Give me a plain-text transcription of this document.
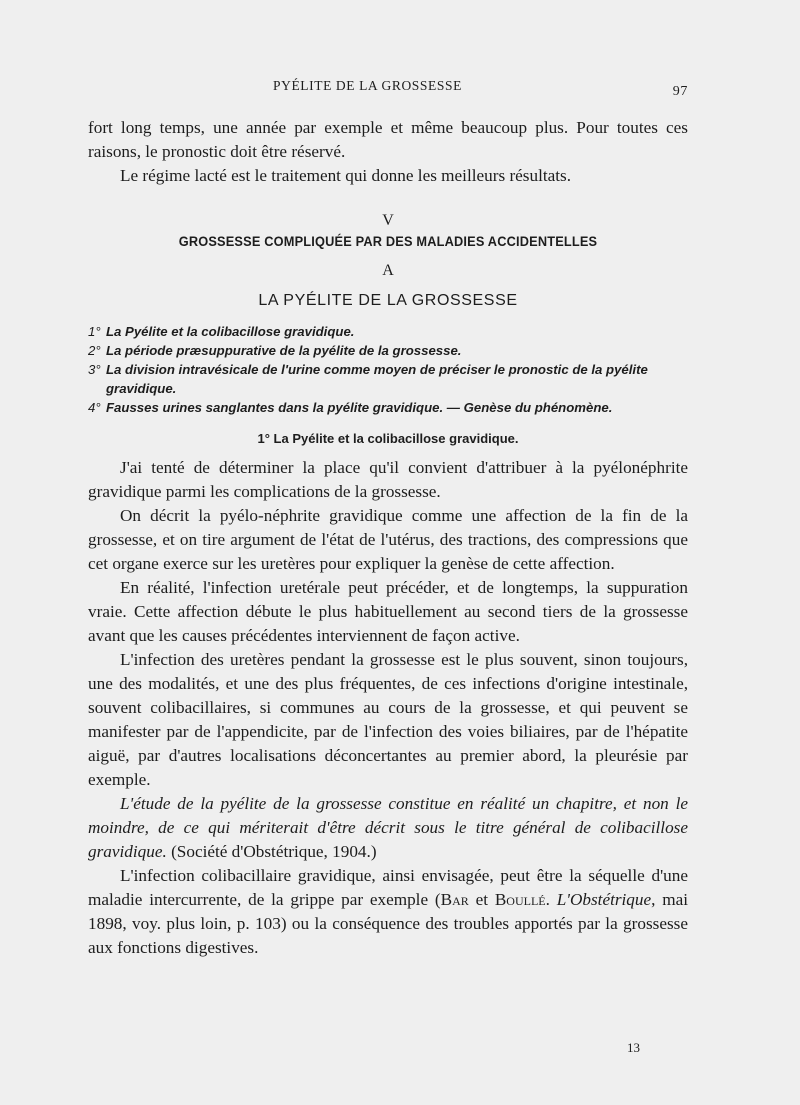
PYÉLITE DE LA GROSSESSE	97

fort long temps, une année par exemple et même beaucoup plus. Pour toutes ces raisons, le pronostic doit être réservé.

Le régime lacté est le traitement qui donne les meilleurs résultats.

V
GROSSESSE COMPLIQUÉE PAR DES MALADIES ACCIDENTELLES
A
LA PYÉLITE DE LA GROSSESSE
1° La Pyélite et la colibacillose gravidique.
2° La période præsuppurative de la pyélite de la grossesse.
3° La division intravésicale de l'urine comme moyen de préciser le pronostic de la pyélite gravidique.
4° Fausses urines sanglantes dans la pyélite gravidique. — Genèse du phénomène.
1° La Pyélite et la colibacillose gravidique.

J'ai tenté de déterminer la place qu'il convient d'attribuer à la pyélonéphrite gravidique parmi les complications de la grossesse.

On décrit la pyélo-néphrite gravidique comme une affection de la fin de la grossesse, et on tire argument de l'état de l'utérus, des tractions, des compressions que cet organe exerce sur les uretères pour expliquer la genèse de cette affection.

En réalité, l'infection uretérale peut précéder, et de longtemps, la suppuration vraie. Cette affection débute le plus habituellement au second tiers de la grossesse avant que les causes précédentes interviennent de façon active.

L'infection des uretères pendant la grossesse est le plus souvent, sinon toujours, une des modalités, et une des plus fréquentes, de ces infections d'origine intestinale, souvent colibacillaires, si communes au cours de la grossesse, et qui peuvent se manifester par de l'appendicite, par de l'infection des voies biliaires, par de l'hépatite aiguë, par d'autres localisations déconcertantes au premier abord, la pleurésie par exemple.

L'étude de la pyélite de la grossesse constitue en réalité un chapitre, et non le moindre, de ce qui mériterait d'être décrit sous le titre général de colibacillose gravidique. (Société d'Obstétrique, 1904.)

L'infection colibacillaire gravidique, ainsi envisagée, peut être la séquelle d'une maladie intercurrente, de la grippe par exemple (Bar et Boullé. L'Obstétrique, mai 1898, voy. plus loin, p. 103) ou la conséquence des troubles apportés par la grossesse aux fonctions digestives.

13
